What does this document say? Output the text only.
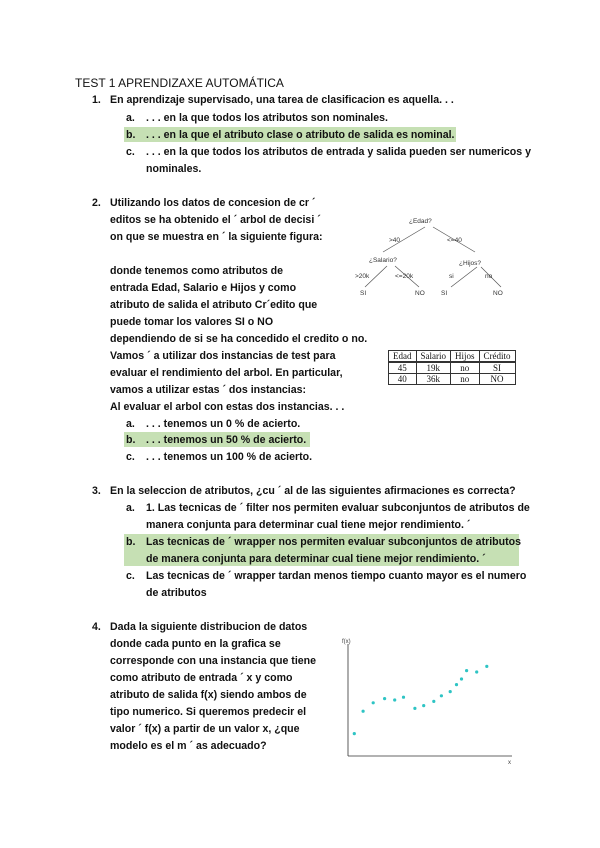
TEST 1 APRENDIZAXE AUTOMÁTICA
1. En aprendizaje supervisado, una tarea de clasificacion es aquella. . .
a. . . . en la que todos los atributos son nominales.
b. . . . en la que el atributo clase o atributo de salida es nominal.
c. . . . en la que todos los atributos de entrada y salida pueden ser numericos y
nominales.
2. Utilizando los datos de concesion de cr ´
editos se ha obtenido el ´ arbol de decisi ´
on que se muestra en ´ la siguiente figura:
donde tenemos como atributos de
entrada Edad, Salario e Hijos y como
atributo de salida el atributo Cr´edito que
puede tomar los valores SI o NO
dependiendo de si se ha concedido el credito o no.
Vamos ´ a utilizar dos instancias de test para
evaluar el rendimiento del arbol. En particular,
vamos a utilizar estas ´ dos instancias:
Al evaluar el arbol con estas dos instancias. . .
a. . . . tenemos un 0 % de acierto.
b. . . . tenemos un 50 % de acierto.
c. . . . tenemos un 100 % de acierto.
¿Edad?
>40	<=40
¿Salario?	¿Hijos?
>20k	<=20k	si	no
SI	NO	SI	NO
Edad	Salario	Hijos	Crédito
45	19k	no	SI
40	36k	no	NO
3. En la seleccion de atributos, ¿cu ´ al de las siguientes afirmaciones es correcta?
a. 1. Las tecnicas de ´ filter nos permiten evaluar subconjuntos de atributos de
manera conjunta para determinar cual tiene mejor rendimiento. ´
b. Las tecnicas de ´ wrapper nos permiten evaluar subconjuntos de atributos
de manera conjunta para determinar cual tiene mejor rendimiento. ´
c. Las tecnicas de ´ wrapper tardan menos tiempo cuanto mayor es el numero
de atributos
4. Dada la siguiente distribucion de datos
donde cada punto en la grafica se
corresponde con una instancia que tiene
como atributo de entrada ´ x y como
atributo de salida f(x) siendo ambos de
tipo numerico. Si queremos predecir el
valor ´ f(x) a partir de un valor x, ¿que
modelo es el m ´ as adecuado?
f(x)
x
